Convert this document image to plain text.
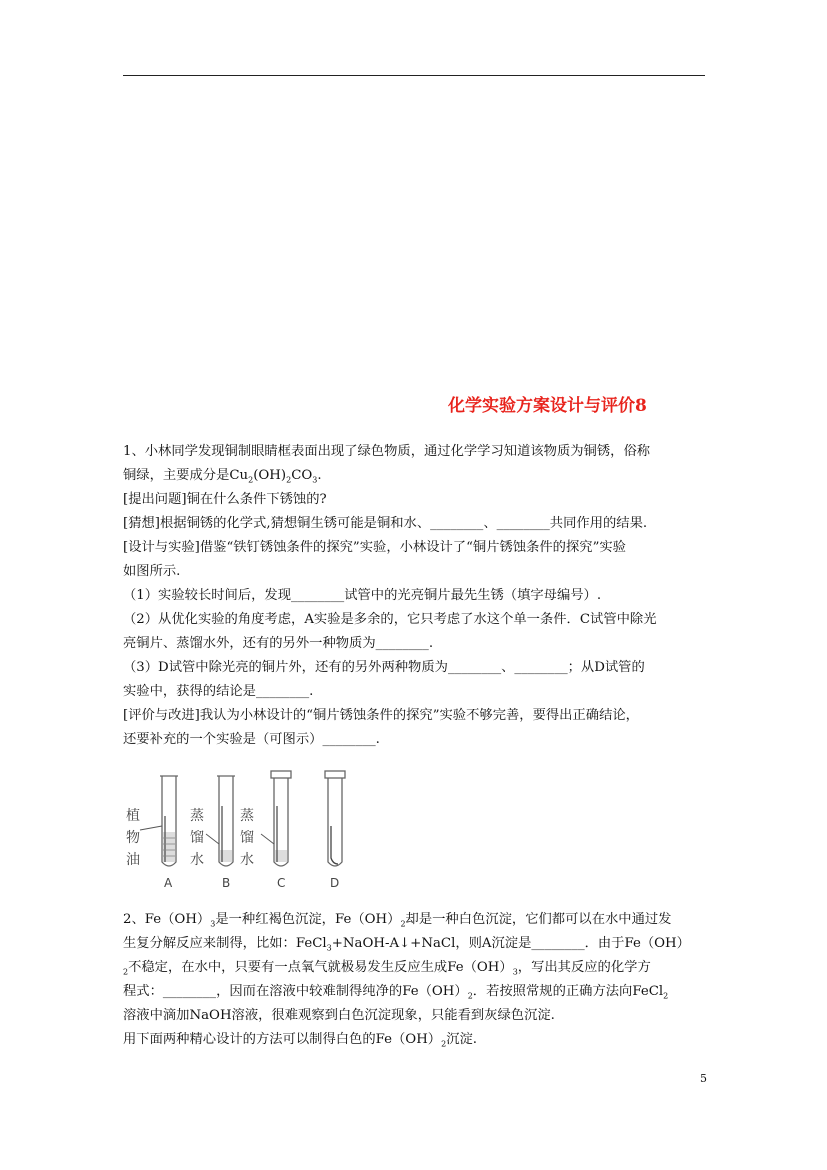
化学实验方案设计与评价8
1、小林同学发现铜制眼睛框表面出现了绿色物质，通过化学学习知道该物质为铜锈，俗称
铜绿，主要成分是$Cu_2(OH)_2CO_3$.
[提出问题]铜在什么条件下锈蚀的?
[猜想]根据铜锈的化学式,猜想铜生锈可能是铜和水、________、________共同作用的结果.
[设计与实验]借鉴“铁钉锈蚀条件的探究”实验，小林设计了“铜片锈蚀条件的探究”实验
如图所示.
（1）实验较长时间后，发现________试管中的光亮铜片最先生锈（填字母编号）.
（2）从优化实验的角度考虑，A实验是多余的，它只考虑了水这个单一条件．C试管中除光
亮铜片、蒸馏水外，还有的另外一种物质为________.
（3）D试管中除光亮的铜片外，还有的另外两种物质为________、________；从D试管的
实验中，获得的结论是________.
[评价与改进]我认为小林设计的“铜片锈蚀条件的探究”实验不够完善，要得出正确结论，
还要补充的一个实验是（可图示）________.
植
物
油
蒸
馏
水
蒸
馏
水
A	B	C	D
2、$Fe(OH)_3$是一种红褐色沉淀，$Fe(OH)_2$却是一种白色沉淀，它们都可以在水中通过发
生复分解反应来制得，比如：FeCl$_3$+NaOH-A↓+NaCl，则A沉淀是________．由于Fe（OH）
$_2$不稳定，在水中，只要有一点氧气就极易发生反应生成$Fe(OH)_3$，写出其反应的化学方
程式：________，因而在溶液中较难制得纯净的$Fe(OH)_2$．若按照常规的正确方法向FeCl$_2$
溶液中滴加NaOH溶液，很难观察到白色沉淀现象，只能看到灰绿色沉淀.
用下面两种精心设计的方法可以制得白色的$Fe(OH)_2$沉淀.
5
